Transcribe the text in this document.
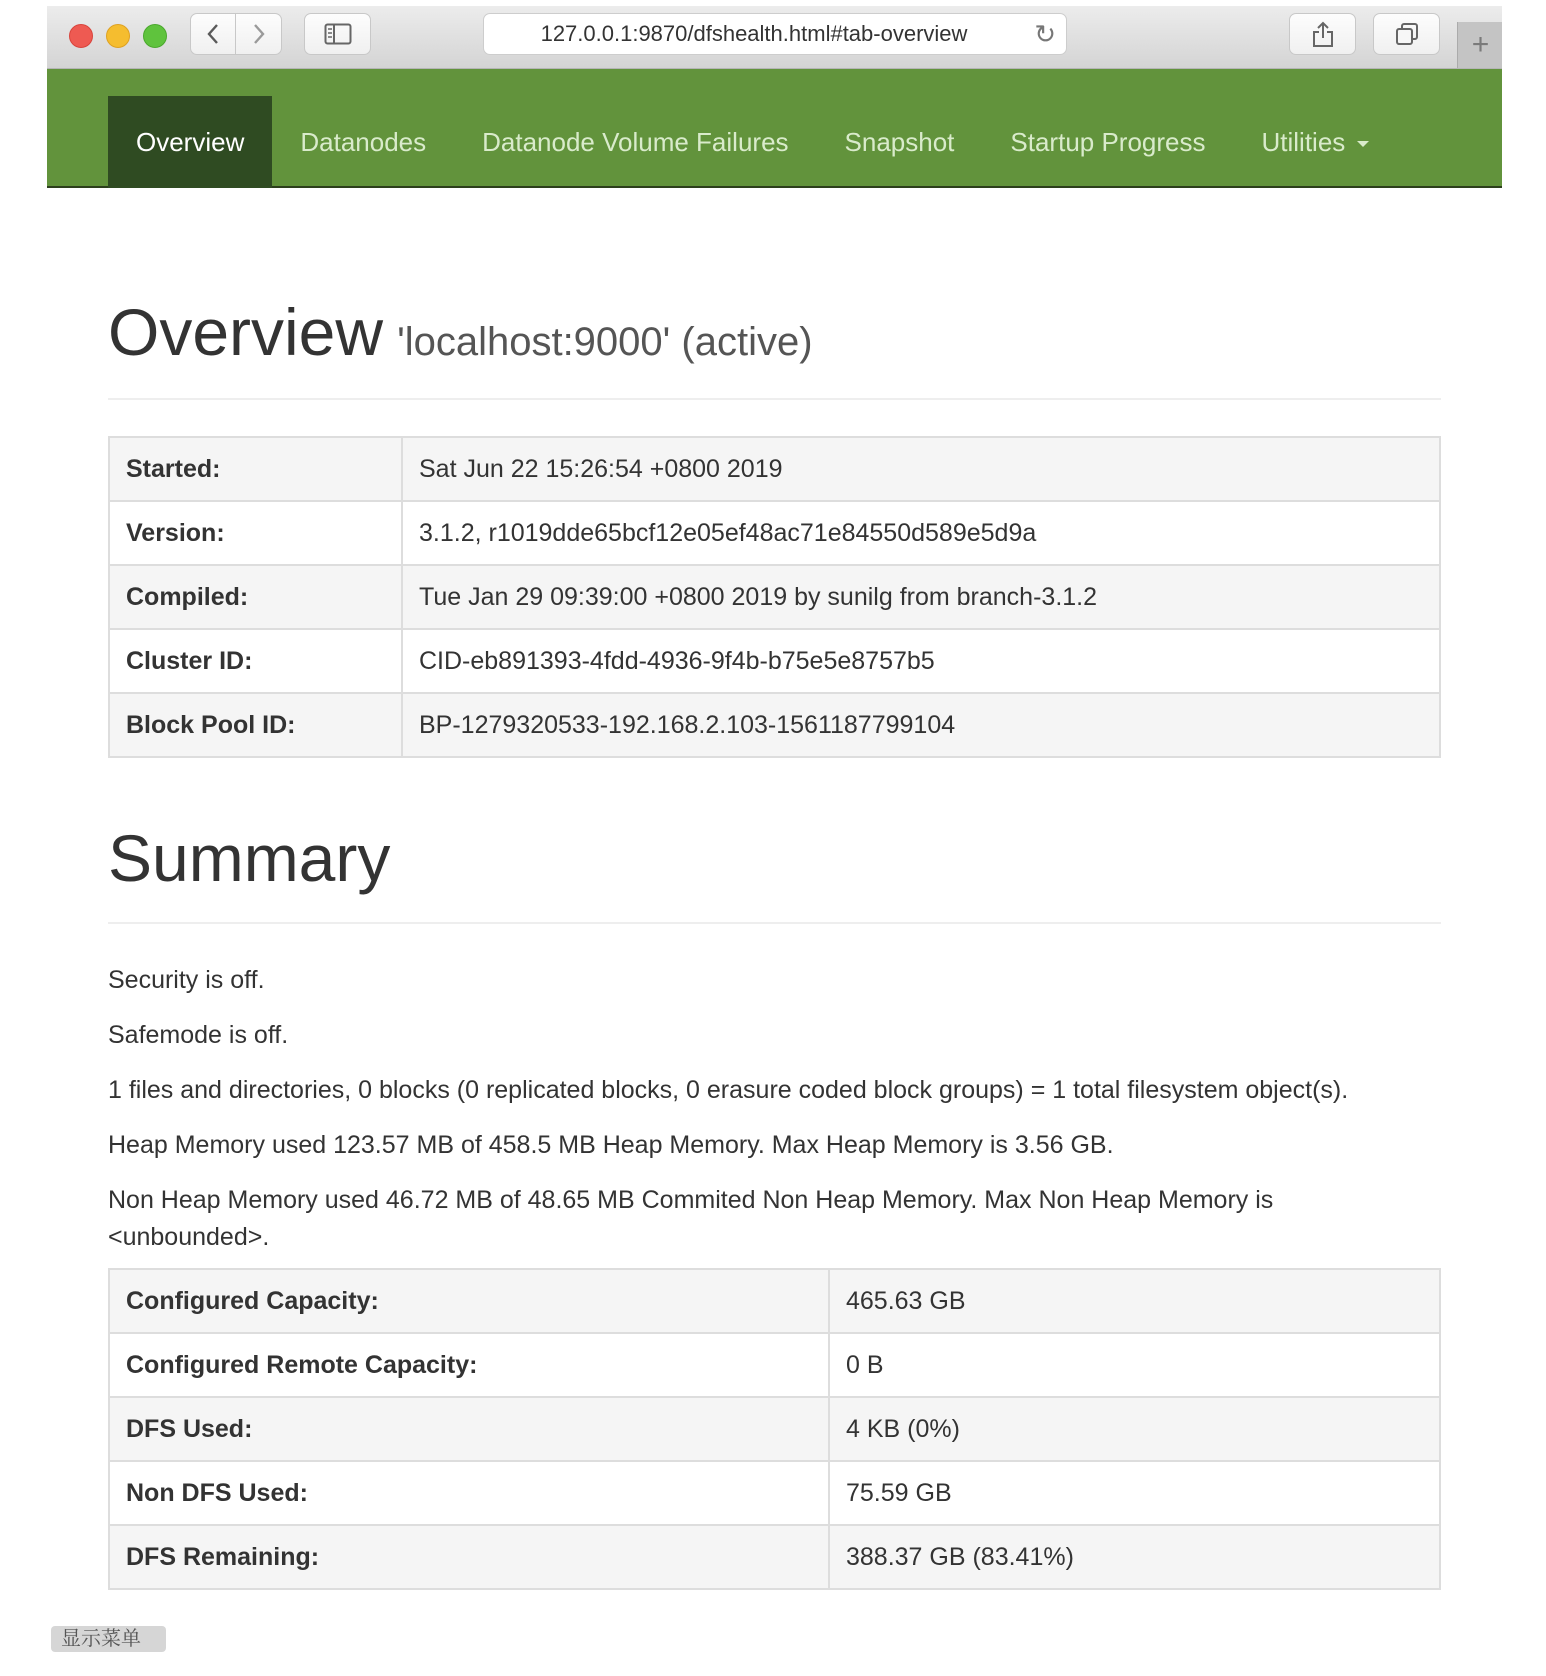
127.0.0.1:9870/dfshealth.html#tab-overview	↻	+
Overview	Datanodes	Datanode Volume Failures	Snapshot	Startup Progress	Utilities
Overview 'localhost:9000' (active)
Started:	Sat Jun 22 15:26:54 +0800 2019
Version:	3.1.2, r1019dde65bcf12e05ef48ac71e84550d589e5d9a
Compiled:	Tue Jan 29 09:39:00 +0800 2019 by sunilg from branch-3.1.2
Cluster ID:	CID-eb891393-4fdd-4936-9f4b-b75e5e8757b5
Block Pool ID:	BP-1279320533-192.168.2.103-1561187799104
Summary

Security is off.

Safemode is off.

1 files and directories, 0 blocks (0 replicated blocks, 0 erasure coded block groups) = 1 total filesystem object(s).

Heap Memory used 123.57 MB of 458.5 MB Heap Memory. Max Heap Memory is 3.56 GB.

Non Heap Memory used 46.72 MB of 48.65 MB Commited Non Heap Memory. Max Non Heap Memory is <unbounded>.

Configured Capacity:	465.63 GB
Configured Remote Capacity:	0 B
DFS Used:	4 KB (0%)
Non DFS Used:	75.59 GB
DFS Remaining:	388.37 GB (83.41%)
显示菜单
